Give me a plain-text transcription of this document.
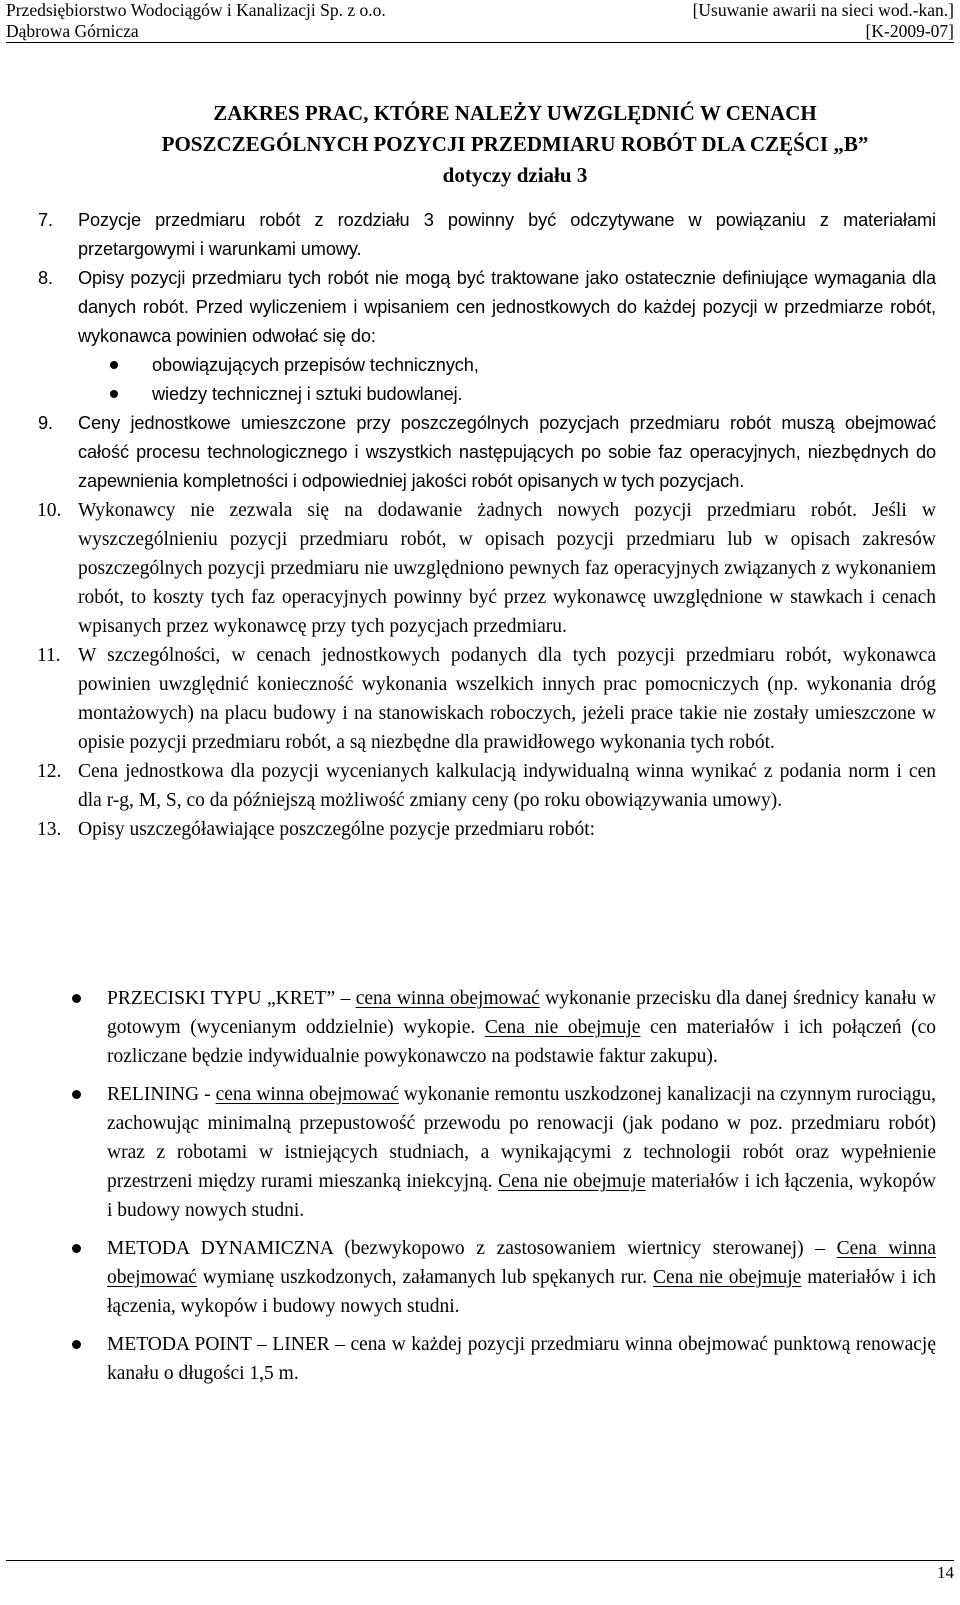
Przedsiębiorstwo Wodociągów i Kanalizacji Sp. z o.o.	[Usuwanie awarii na sieci wod.-kan.]
Dąbrowa Górnicza	[K-2009-07]
ZAKRES PRAC, KTÓRE NALEŻY UWZGLĘDNIĆ W CENACH
POSZCZEGÓLNYCH POZYCJI PRZEDMIARU ROBÓT DLA CZĘŚCI „B”
dotyczy działu 3
7. Pozycje przedmiaru robót z rozdziału 3 powinny być odczytywane w powiązaniu z materiałami przetargowymi i warunkami umowy.
8. Opisy pozycji przedmiaru tych robót nie mogą być traktowane jako ostatecznie definiujące wymagania dla danych robót. Przed wyliczeniem i wpisaniem cen jednostkowych do każdej pozycji w przedmiarze robót, wykonawca powinien odwołać się do:
obowiązujących przepisów technicznych,
wiedzy technicznej i sztuki budowlanej.
9. Ceny jednostkowe umieszczone przy poszczególnych pozycjach przedmiaru robót muszą obejmować całość procesu technologicznego i wszystkich następujących po sobie faz operacyjnych, niezbędnych do zapewnienia kompletności i odpowiedniej jakości robót opisanych w tych pozycjach.
10. Wykonawcy nie zezwala się na dodawanie żadnych nowych pozycji przedmiaru robót. Jeśli w wyszczególnieniu pozycji przedmiaru robót, w opisach pozycji przedmiaru lub w opisach zakresów poszczególnych pozycji przedmiaru nie uwzględniono pewnych faz operacyjnych związanych z wykonaniem robót, to koszty tych faz operacyjnych powinny być przez wykonawcę uwzględnione w stawkach i cenach wpisanych przez wykonawcę przy tych pozycjach przedmiaru.
11. W szczególności, w cenach jednostkowych podanych dla tych pozycji przedmiaru robót, wykonawca powinien uwzględnić konieczność wykonania wszelkich innych prac pomocniczych (np. wykonania dróg montażowych) na placu budowy i na stanowiskach roboczych, jeżeli prace takie nie zostały umieszczone w opisie pozycji przedmiaru robót, a są niezbędne dla prawidłowego wykonania tych robót.
12. Cena jednostkowa dla pozycji wycenianych kalkulacją indywidualną winna wynikać z podania norm i cen dla r-g, M, S, co da późniejszą możliwość zmiany ceny (po roku obowiązywania umowy).
13. Opisy uszczegóławiające poszczególne pozycje przedmiaru robót:
PRZECISKI TYPU „KRET” – cena winna obejmować wykonanie przecisku dla danej średnicy kanału w gotowym (wycenianym oddzielnie) wykopie. Cena nie obejmuje cen materiałów i ich połączeń (co rozliczane będzie indywidualnie powykonawczo na podstawie faktur zakupu).
RELINING - cena winna obejmować wykonanie remontu uszkodzonej kanalizacji na czynnym rurociągu, zachowując minimalną przepustowość przewodu po renowacji (jak podano w poz. przedmiaru robót) wraz z robotami w istniejących studniach, a wynikającymi z technologii robót oraz wypełnienie przestrzeni między rurami mieszanką iniekcyjną. Cena nie obejmuje materiałów i ich łączenia, wykopów i budowy nowych studni.
METODA DYNAMICZNA (bezwykopowo z zastosowaniem wiertnicy sterowanej) – Cena winna obejmować wymianę uszkodzonych, załamanych lub spękanych rur. Cena nie obejmuje materiałów i ich łączenia, wykopów i budowy nowych studni.
METODA POINT – LINER – cena w każdej pozycji przedmiaru winna obejmować punktową renowację kanału o długości 1,5 m.
14
